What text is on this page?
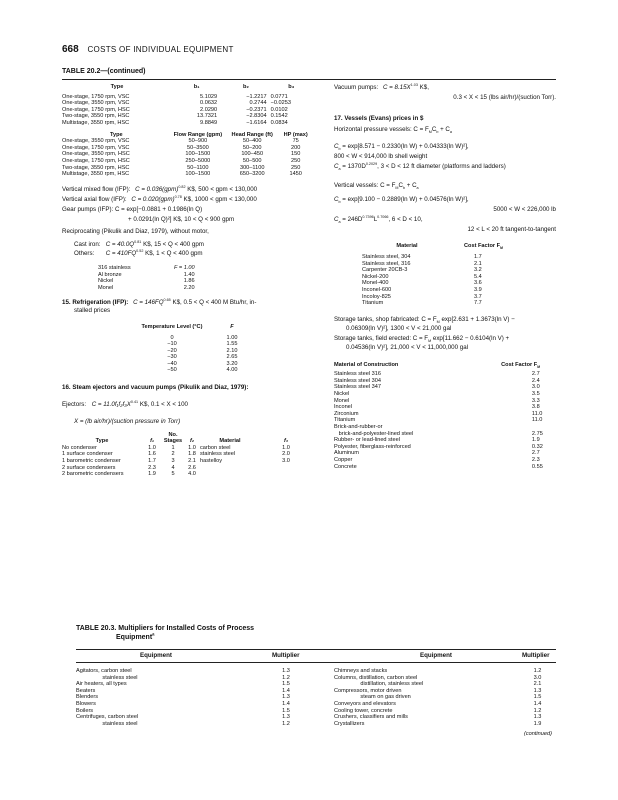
668 COSTS OF INDIVIDUAL EQUIPMENT
TABLE 20.2—(continued)
Type	b₁	b₂	b₃

One-stage, 1750 rpm, VSC	5.1029	−1.2217	0.0771
One-stage, 3550 rpm, VSC	0.0632	0.2744	−0.0253
One-stage, 1750 rpm, HSC	2.0290	−0.2371	0.0102
Two-stage, 3550 rpm, HSC	13.7321	−2.8304	0.1542
Multistage, 3550 rpm, HSC	9.8849	−1.6164	0.0834
Type	Flow Range (gpm)	Head Range (ft)	HP (max)
One-stage, 3550 rpm, VSC	50–900	50–400	75
One-stage, 1750 rpm, VSC	50–3500	50–200	200
One-stage, 3550 rpm, HSC	100–1500	100–450	150
One-stage, 1750 rpm, HSC	250–5000	50–500	250
Two-stage, 3550 rpm, HSC	50–1100	300–1100	250
Multistage, 3550 rpm, HSC	100–1500	650–3200	1450
Vertical mixed flow (IFP): C = 0.036(gpm)$^{0.82}$ K$, 500 < gpm < 130,000
Vertical axial flow (IFP): C = 0.020(gpm)$^{0.78}$ K$, 1000 < gpm < 130,000
Gear pumps (IFP): C = exp[−0.0881 + 0.1986(ln Q)
+ 0.0291(ln Q)²] K$, 10 < Q < 900 gpm
Reciprocating (Pikulik and Diaz, 1979), without motor,
Cast iron: $C = 40.0Q^{0.81}$ K$, 15 < Q < 400 gpm
Others: $C = 410FQ^{0.52}$ K$, 1 < Q < 400 gpm
316 stainless	F = 1.00
Al bronze	1.40
Nickel	1.86
Monel	2.20
15. Refrigeration (IFP): $C = 146FQ^{0.65}$ K$, 0.5 < Q < 400 M Btu/hr, in-
stalled prices
Temperature Level (°C)	F

0	1.00
−10	1.55
−20	2.10
−30	2.65
−40	3.20
−50	4.00
16. Steam ejectors and vacuum pumps (Pikulik and Diaz, 1979):
Ejectors: $C = 11.0f_1f_2f_3X^{0.41}$ K$, 0.1 < X < 100
X = (lb air/hr)/(suction pressure in Torr)
Type	f₁	No. Stages	f₂	Material	f₃
No condenser	1.0	1	1.0	carbon steel	1.0
1 surface condenser	1.6	2	1.8	stainless steel	2.0
1 barometric condenser	1.7	3	2.1	hastelloy	3.0
2 surface condensers	2.3	4	2.6		
2 barometric condensers	1.9	5	4.0		
Vacuum pumps: $C = 8.15X^{1.03}$ K$,
0.3 < X < 15 (lbs air/hr)/(suction Torr).
17. Vessels (Evans) prices in $
Horizontal pressure vessels: $C = F_MC_b + C_a$
$C_b = \exp[8.571 - 0.2330(\ln$ W) + 0.04333(ln W)²],
800 < W < 914,000 lb shell weight
$C_a = 1370D^{0.2029}$, 3 < D < 12 ft diameter (platforms and ladders)
Vertical vessels: $C = F_MC_b + C_a$
$C_b = \exp[9.100 - 0.2889(\ln$ W) + 0.04576(ln W)²],
5000 < W < 226,000 lb
$C_a = 246D^{0.7396}L^{0.7066}$, 6 < D < 10,
12 < L < 20 ft tangent-to-tangent
Material	Cost Factor $F_M$

Stainless steel, 304	1.7
Stainless steel, 316	2.1
Carpenter 20CB-3	3.2
Nickel-200	5.4
Monel-400	3.6
Inconel-600	3.9
Incoloy-825	3.7
Titanium	7.7
Storage tanks, shop fabricated: $C = F_M$ exp[2.631 + 1.3673(ln V) −
0.06309(ln V)²], 1300 < V < 21,000 gal
Storage tanks, field erected: $C = F_M$ exp[11.662 − 0.6104(ln V) +
0.04536(ln V)²], 21,000 < V < 11,000,000 gal
Material of Construction	Cost Factor $F_M$

Stainless steel 316	2.7
Stainless steel 304	2.4
Stainless steel 347	3.0
Nickel	3.5
Monel	3.3
Inconel	3.8
Zirconium	11.0
Titanium	11.0
Brick-and-rubber-or	
brick-and-polyester-lined steel	2.75
Rubber- or lead-lined steel	1.9
Polyester, fiberglass-reinforced	0.32
Aluminum	2.7
Copper	2.3
Concrete	0.55
TABLE 20.3. Multipliers for Installed Costs of Process
Equipment$^a$
Equipment	Multiplier	Equipment	Multiplier
Agitators, carbon steel	1.3
stainless steel	1.2
Air heaters, all types	1.5
Beaters	1.4
Blenders	1.3
Blowers	1.4
Boilers	1.5
Centrifuges, carbon steel	1.3
stainless steel	1.2
Chimneys and stacks	1.2
Columns, distillation, carbon steel	3.0
distillation, stainless steel	2.1
Compressors, motor driven	1.3
steam on gas driven	1.5
Conveyors and elevators	1.4
Cooling tower, concrete	1.2
Crushers, classifiers and mills	1.3
Crystallizers	1.9
(continued)
